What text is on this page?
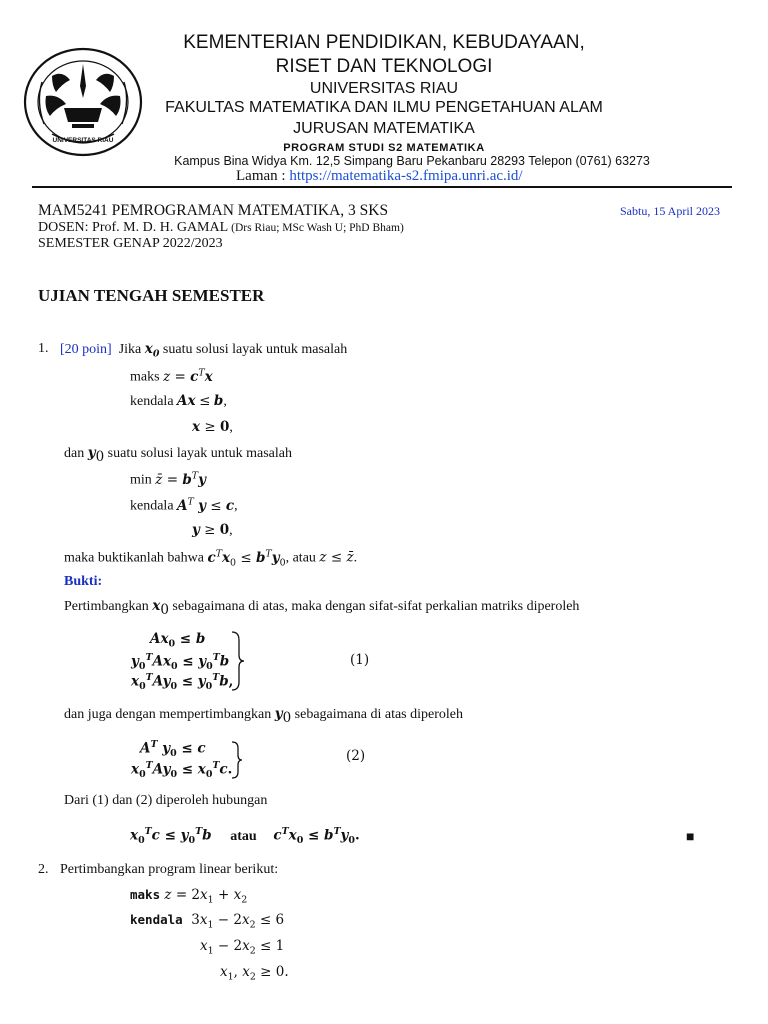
UNIVERSITAS RIAU
KEMENTERIAN PENDIDIKAN, KEBUDAYAAN,
RISET DAN TEKNOLOGI
UNIVERSITAS RIAU
FAKULTAS MATEMATIKA DAN ILMU PENGETAHUAN ALAM
JURUSAN MATEMATIKA
PROGRAM STUDI S2 MATEMATIKA
Kampus Bina Widya Km. 12,5 Simpang Baru Pekanbaru 28293 Telepon (0761) 63273
Laman : https://matematika-s2.fmipa.unri.ac.id/
MAM5241 PEMROGRAMAN MATEMATIKA, 3 SKS	Sabtu, 15 April 2023
DOSEN: Prof. M. D. H. GAMAL (Drs Riau; MSc Wash U; PhD Bham)
SEMESTER GENAP 2022/2023
UJIAN TENGAH SEMESTER
1. [20 poin] Jika $x_0$ suatu solusi layak untuk masalah
maks $z = c^Tx$
kendala Ax ≤ b,
x ≥ 0,
dan $y_0$ suatu solusi layak untuk masalah
min z̄ = $b^Ty$
kendala $A^T$ y ≤ c,
y ≥ 0,
maka buktikanlah bahwa $c^Tx_0 \le b^Ty_0$, atau z ≤ z̄.
Bukti:
Pertimbangkan $x_0$ sebagaimana di atas, maka dengan sifat-sifat perkalian matriks diperoleh
$Ax_0 \le b$
$y_0^TAx_0 \le y_0^Tb$
$x_0^TAy_0 \le y_0^Tb$,
(1)
dan juga dengan mempertimbangkan $y_0$ sebagaimana di atas diperoleh
$A^T$ $y_0 \le c$
$x_0^TAy_0 \le x_0^Tc$.
(2)
Dari (1) dan (2) diperoleh hubungan
$x_0^Tc \le y_0^Tb$ atau $c^Tx_0 \le b^Ty_0$.	■
2. Pertimbangkan program linear berikut:
maks $z = 2x_1 + x_2$
kendala  $3x_1 - 2x_2 \le 6$
$x_1 - 2x_2 \le 1$
$x_1$, $x_2 \ge 0$.
